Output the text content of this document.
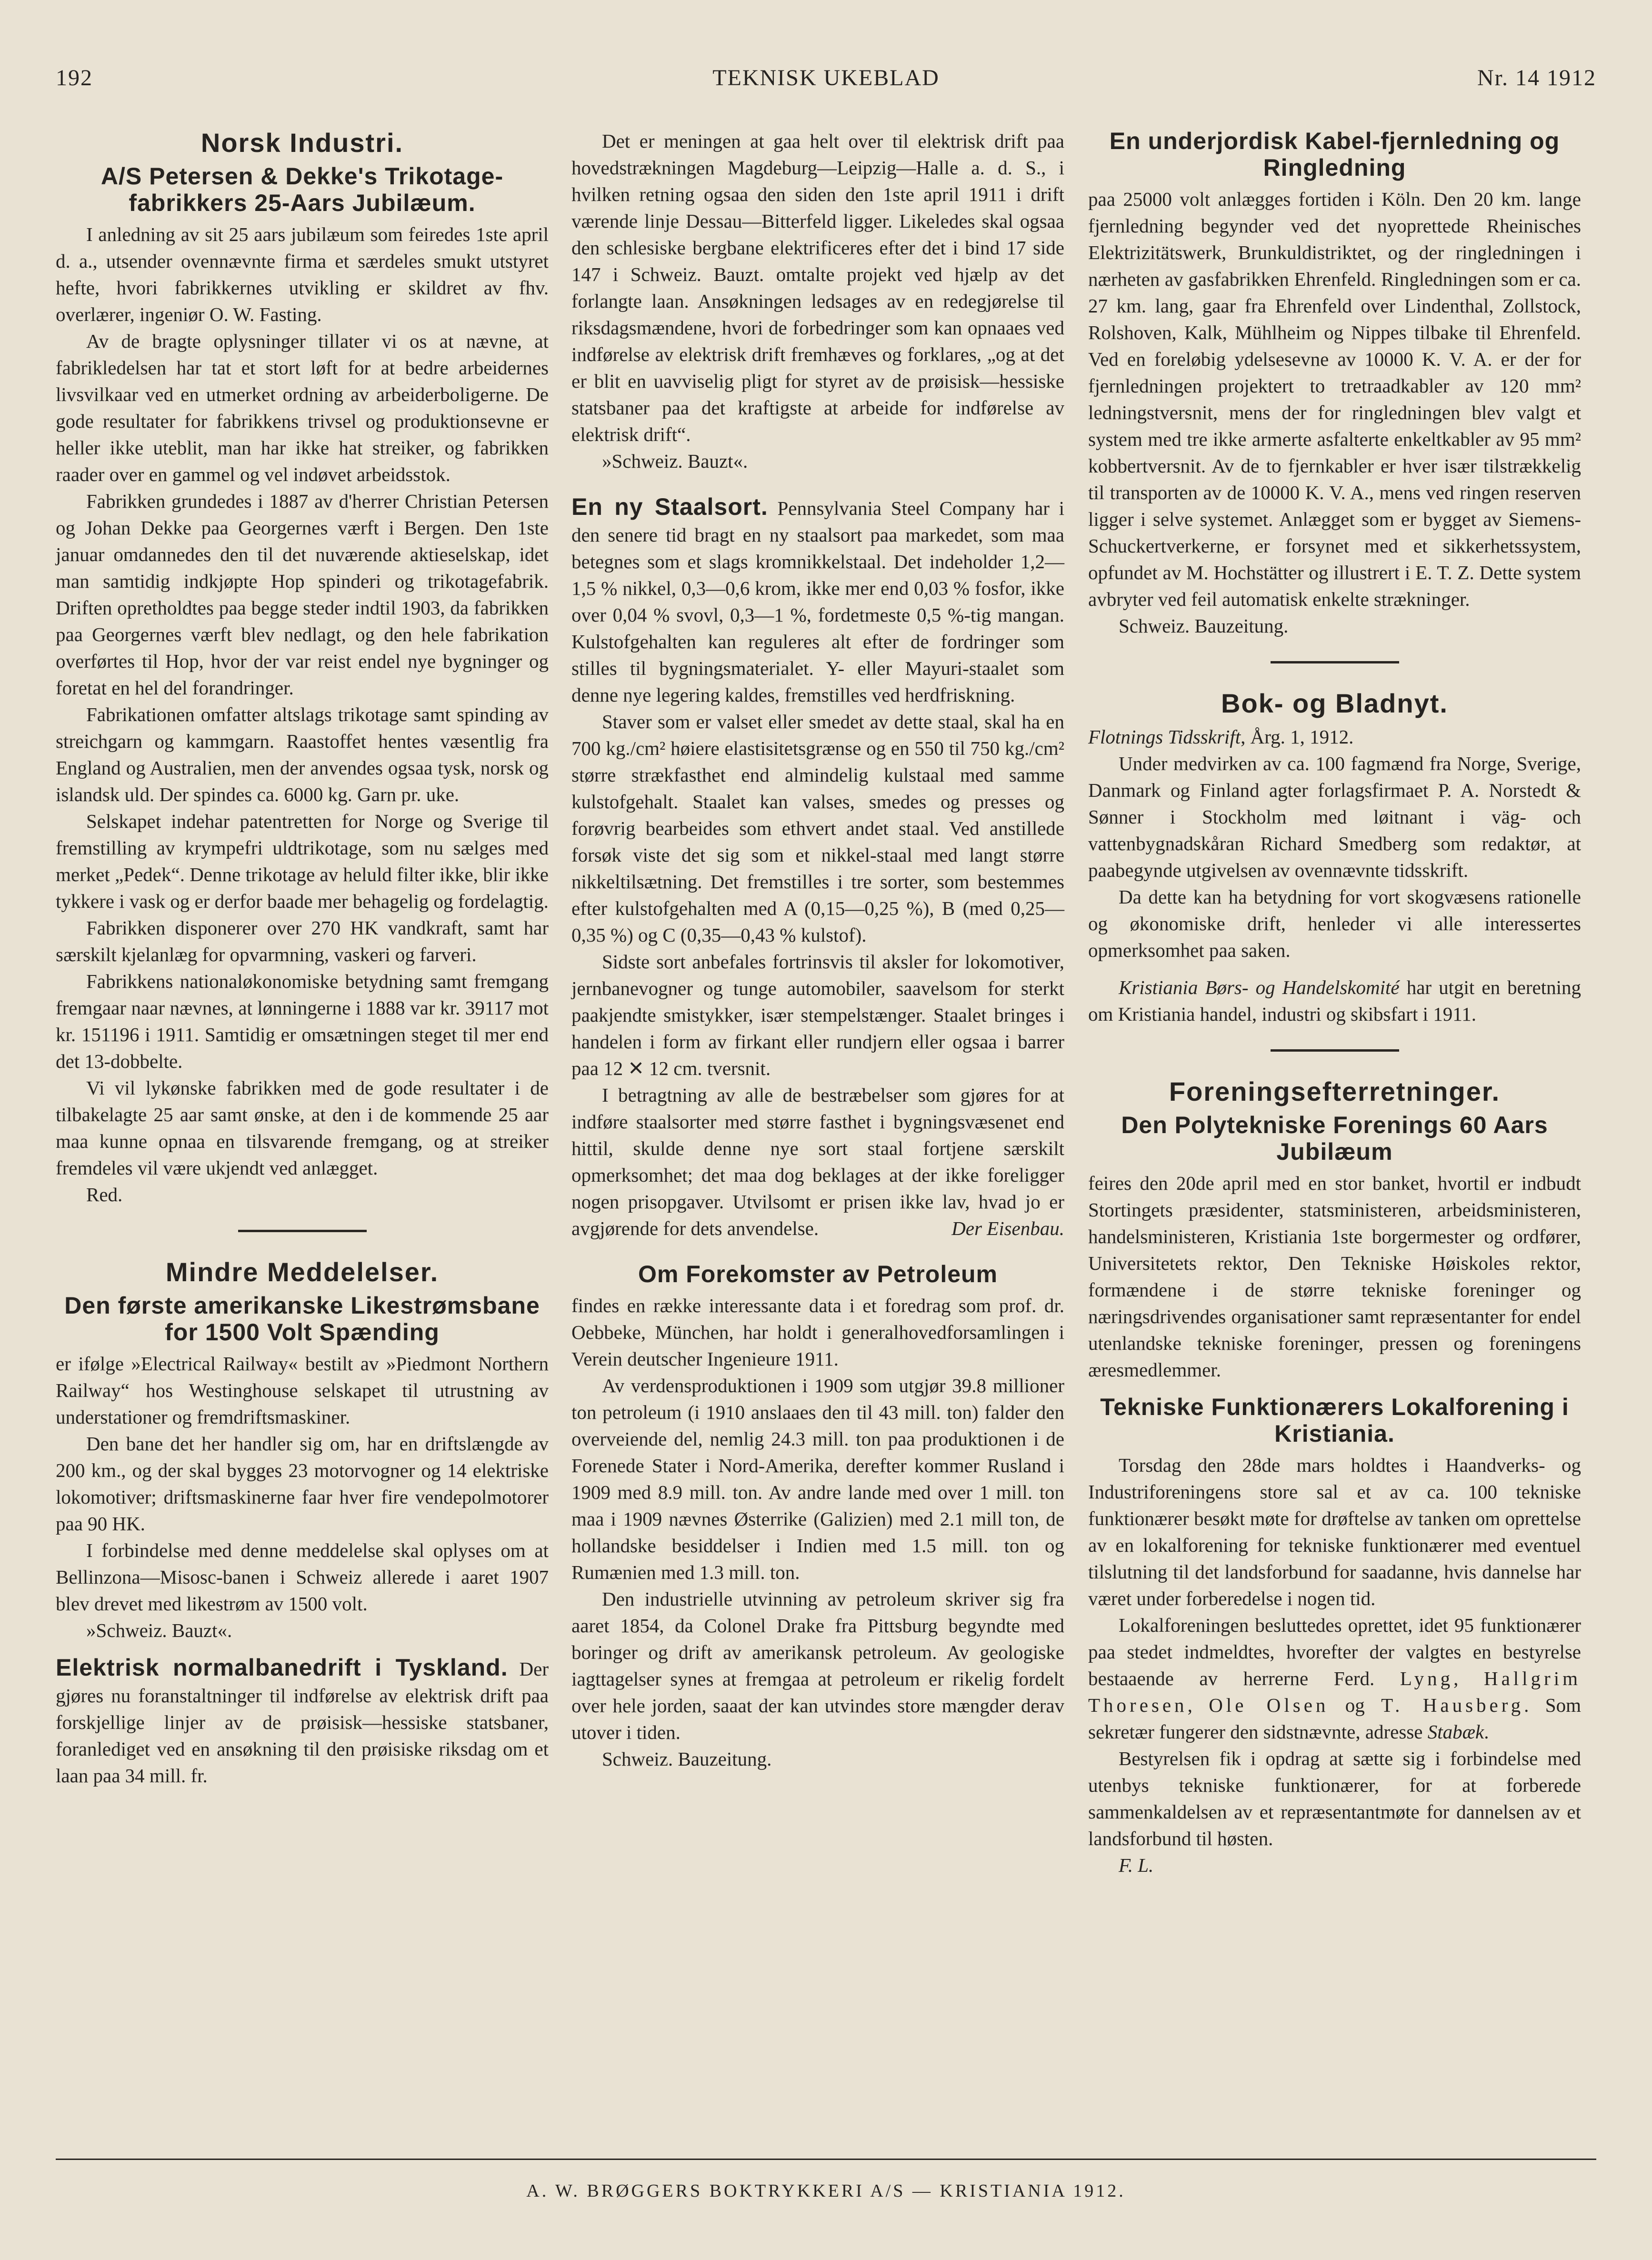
192	TEKNISK UKEBLAD	Nr. 14 1912
Norsk Industri.
A/S Petersen & Dekke's Trikotage-fabrikkers 25-Aars Jubilæum.

I anledning av sit 25 aars jubilæum som feiredes 1ste april d. a., utsender ovennævnte firma et særdeles smukt utstyret hefte, hvori fabrikkernes utvikling er skildret av fhv. overlærer, ingeniør O. W. Fasting.

Av de bragte oplysninger tillater vi os at nævne, at fabrikledelsen har tat et stort løft for at bedre arbeidernes livsvilkaar ved en utmerket ordning av arbeiderboligerne. De gode resultater for fabrikkens trivsel og produktionsevne er heller ikke uteblit, man har ikke hat streiker, og fabrikken raader over en gammel og vel indøvet arbeidsstok.

Fabrikken grundedes i 1887 av d'herrer Christian Petersen og Johan Dekke paa Georgernes værft i Bergen. Den 1ste januar omdannedes den til det nuværende aktieselskap, idet man samtidig indkjøpte Hop spinderi og trikotagefabrik. Driften opretholdtes paa begge steder indtil 1903, da fabrikken paa Georgernes værft blev nedlagt, og den hele fabrikation overførtes til Hop, hvor der var reist endel nye bygninger og foretat en hel del forandringer.

Fabrikationen omfatter altslags trikotage samt spinding av streichgarn og kammgarn. Raastoffet hentes væsentlig fra England og Australien, men der anvendes ogsaa tysk, norsk og islandsk uld. Der spindes ca. 6000 kg. Garn pr. uke.

Selskapet indehar patentretten for Norge og Sverige til fremstilling av krympefri uldtrikotage, som nu sælges med merket „Pedek“. Denne trikotage av heluld filter ikke, blir ikke tykkere i vask og er derfor baade mer behagelig og fordelagtig.

Fabrikken disponerer over 270 HK vandkraft, samt har særskilt kjelanlæg for opvarmning, vaskeri og farveri.

Fabrikkens nationaløkonomiske betydning samt fremgang fremgaar naar nævnes, at lønningerne i 1888 var kr. 39117 mot kr. 151196 i 1911. Samtidig er omsætningen steget til mer end det 13-dobbelte.

Vi vil lykønske fabrikken med de gode resultater i de tilbakelagte 25 aar samt ønske, at den i de kommende 25 aar maa kunne opnaa en tilsvarende fremgang, og at streiker fremdeles vil være ukjendt ved anlægget.

Red.

Mindre Meddelelser.
Den første amerikanske Likestrømsbane for 1500 Volt Spænding

er ifølge »Electrical Railway« bestilt av »Piedmont Northern Railway“ hos Westinghouse selskapet til utrustning av understationer og fremdriftsmaskiner.

Den bane det her handler sig om, har en driftslængde av 200 km., og der skal bygges 23 motorvogner og 14 elektriske lokomotiver; driftsmaskinerne faar hver fire vendepolmotorer paa 90 HK.

I forbindelse med denne meddelelse skal oplyses om at Bellinzona—Misosc-banen i Schweiz allerede i aaret 1907 blev drevet med likestrøm av 1500 volt.

»Schweiz. Bauzt«.

Elektrisk normalbanedrift i Tyskland. Der gjøres nu foranstaltninger til indførelse av elektrisk drift paa forskjellige linjer av de prøisisk—hessiske statsbaner, foranlediget ved en ansøkning til den prøisiske riksdag om et laan paa 34 mill. fr.

Det er meningen at gaa helt over til elektrisk drift paa hovedstrækningen Magdeburg—Leipzig—Halle a. d. S., i hvilken retning ogsaa den siden den 1ste april 1911 i drift værende linje Dessau—Bitterfeld ligger. Likeledes skal ogsaa den schlesiske bergbane elektrificeres efter det i bind 17 side 147 i Schweiz. Bauzt. omtalte projekt ved hjælp av det forlangte laan. Ansøkningen ledsages av en redegjørelse til riksdagsmændene, hvori de forbedringer som kan opnaaes ved indførelse av elektrisk drift fremhæves og forklares, „og at det er blit en uavviselig pligt for styret av de prøisisk—hessiske statsbaner paa det kraftigste at arbeide for indførelse av elektrisk drift“.

»Schweiz. Bauzt«.

En ny Staalsort. Pennsylvania Steel Company har i den senere tid bragt en ny staalsort paa markedet, som maa betegnes som et slags kromnikkelstaal. Det indeholder 1,2—1,5 % nikkel, 0,3—0,6 krom, ikke mer end 0,03 % fosfor, ikke over 0,04 % svovl, 0,3—1 %, fordetmeste 0,5 %-tig mangan. Kulstofgehalten kan reguleres alt efter de fordringer som stilles til bygningsmaterialet. Y- eller Mayuri-staalet som denne nye legering kaldes, fremstilles ved herdfriskning.

Staver som er valset eller smedet av dette staal, skal ha en 700 kg./cm² høiere elastisitetsgrænse og en 550 til 750 kg./cm² større strækfasthet end almindelig kulstaal med samme kulstofgehalt. Staalet kan valses, smedes og presses og forøvrig bearbeides som ethvert andet staal. Ved anstillede forsøk viste det sig som et nikkel-staal med langt større nikkeltilsætning. Det fremstilles i tre sorter, som bestemmes efter kulstofgehalten med A (0,15—0,25 %), B (med 0,25—0,35 %) og C (0,35—0,43 % kulstof).

Sidste sort anbefales fortrinsvis til aksler for lokomotiver, jernbanevogner og tunge automobiler, saavelsom for sterkt paakjendte smistykker, især stempelstænger. Staalet bringes i handelen i form av firkant eller rundjern eller ogsaa i barrer paa 12 ✕ 12 cm. tversnit.

I betragtning av alle de bestræbelser som gjøres for at indføre staalsorter med større fasthet i bygningsvæsenet end hittil, skulde denne nye sort staal fortjene særskilt opmerksomhet; det maa dog beklages at der ikke foreligger nogen prisopgaver. Utvilsomt er prisen ikke lav, hvad jo er avgjørende for dets anvendelse.	Der Eisenbau.

Om Forekomster av Petroleum

findes en række interessante data i et foredrag som prof. dr. Oebbeke, München, har holdt i generalhovedforsamlingen i Verein deutscher Ingenieure 1911.

Av verdensproduktionen i 1909 som utgjør 39.8 millioner ton petroleum (i 1910 anslaaes den til 43 mill. ton) falder den overveiende del, nemlig 24.3 mill. ton paa produktionen i de Forenede Stater i Nord-Amerika, derefter kommer Rusland i 1909 med 8.9 mill. ton. Av andre lande med over 1 mill. ton maa i 1909 nævnes Østerrike (Galizien) med 2.1 mill ton, de hollandske besiddelser i Indien med 1.5 mill. ton og Rumænien med 1.3 mill. ton.

Den industrielle utvinning av petroleum skriver sig fra aaret 1854, da Colonel Drake fra Pittsburg begyndte med boringer og drift av amerikansk petroleum. Av geologiske iagttagelser synes at fremgaa at petroleum er rikelig fordelt over hele jorden, saaat der kan utvindes store mængder derav utover i tiden.

Schweiz. Bauzeitung.

En underjordisk Kabel-fjernledning og Ringledning

paa 25000 volt anlægges fortiden i Köln. Den 20 km. lange fjernledning begynder ved det nyoprettede Rheinisches Elektrizitätswerk, Brunkuldistriktet, og der ringledningen i nærheten av gasfabrikken Ehrenfeld. Ringledningen som er ca. 27 km. lang, gaar fra Ehrenfeld over Lindenthal, Zollstock, Rolshoven, Kalk, Mühlheim og Nippes tilbake til Ehrenfeld. Ved en foreløbig ydelsesevne av 10000 K. V. A. er der for fjernledningen projektert to tretraadkabler av 120 mm² ledningstversnit, mens der for ringledningen blev valgt et system med tre ikke armerte asfalterte enkeltkabler av 95 mm² kobbertversnit. Av de to fjernkabler er hver især tilstrækkelig til transporten av de 10000 K. V. A., mens ved ringen reserven ligger i selve systemet. Anlægget som er bygget av Siemens-Schuckertverkerne, er forsynet med et sikkerhetssystem, opfundet av M. Hochstätter og illustrert i E. T. Z. Dette system avbryter ved feil automatisk enkelte strækninger.

Schweiz. Bauzeitung.

Bok- og Bladnyt.

Flotnings Tidsskrift, Årg. 1, 1912.

Under medvirken av ca. 100 fagmænd fra Norge, Sverige, Danmark og Finland agter forlagsfirmaet P. A. Norstedt & Sønner i Stockholm med løitnant i väg- och vattenbygnadskåran Richard Smedberg som redaktør, at paabegynde utgivelsen av ovennævnte tidsskrift.

Da dette kan ha betydning for vort skogvæsens rationelle og økonomiske drift, henleder vi alle interessertes opmerksomhet paa saken.

Kristiania Børs- og Handelskomité har utgit en beretning om Kristiania handel, industri og skibsfart i 1911.

Foreningsefterretninger.
Den Polytekniske Forenings 60 Aars Jubilæum

feires den 20de april med en stor banket, hvortil er indbudt Stortingets præsidenter, statsministeren, arbeidsministeren, handelsministeren, Kristiania 1ste borgermester og ordfører, Universitetets rektor, Den Tekniske Høiskoles rektor, formændene i de større tekniske foreninger og næringsdrivendes organisationer samt repræsentanter for endel utenlandske tekniske foreninger, pressen og foreningens æresmedlemmer.

Tekniske Funktionærers Lokalforening i Kristiania.

Torsdag den 28de mars holdtes i Haandverks- og Industriforeningens store sal et av ca. 100 tekniske funktionærer besøkt møte for drøftelse av tanken om oprettelse av en lokalforening for tekniske funktionærer med eventuel tilslutning til det landsforbund for saadanne, hvis dannelse har været under forberedelse i nogen tid.

Lokalforeningen besluttedes oprettet, idet 95 funktionærer paa stedet indmeldtes, hvorefter der valgtes en bestyrelse bestaaende av herrerne Ferd. Lyng, Hallgrim Thoresen, Ole Olsen og T. Hausberg. Som sekretær fungerer den sidstnævnte, adresse Stabæk.

Bestyrelsen fik i opdrag at sætte sig i forbindelse med utenbys tekniske funktionærer, for at forberede sammenkaldelsen av et repræsentantmøte for dannelsen av et landsforbund til høsten.

F. L.

A. W. BRØGGERS BOKTRYKKERI A/S — KRISTIANIA 1912.
